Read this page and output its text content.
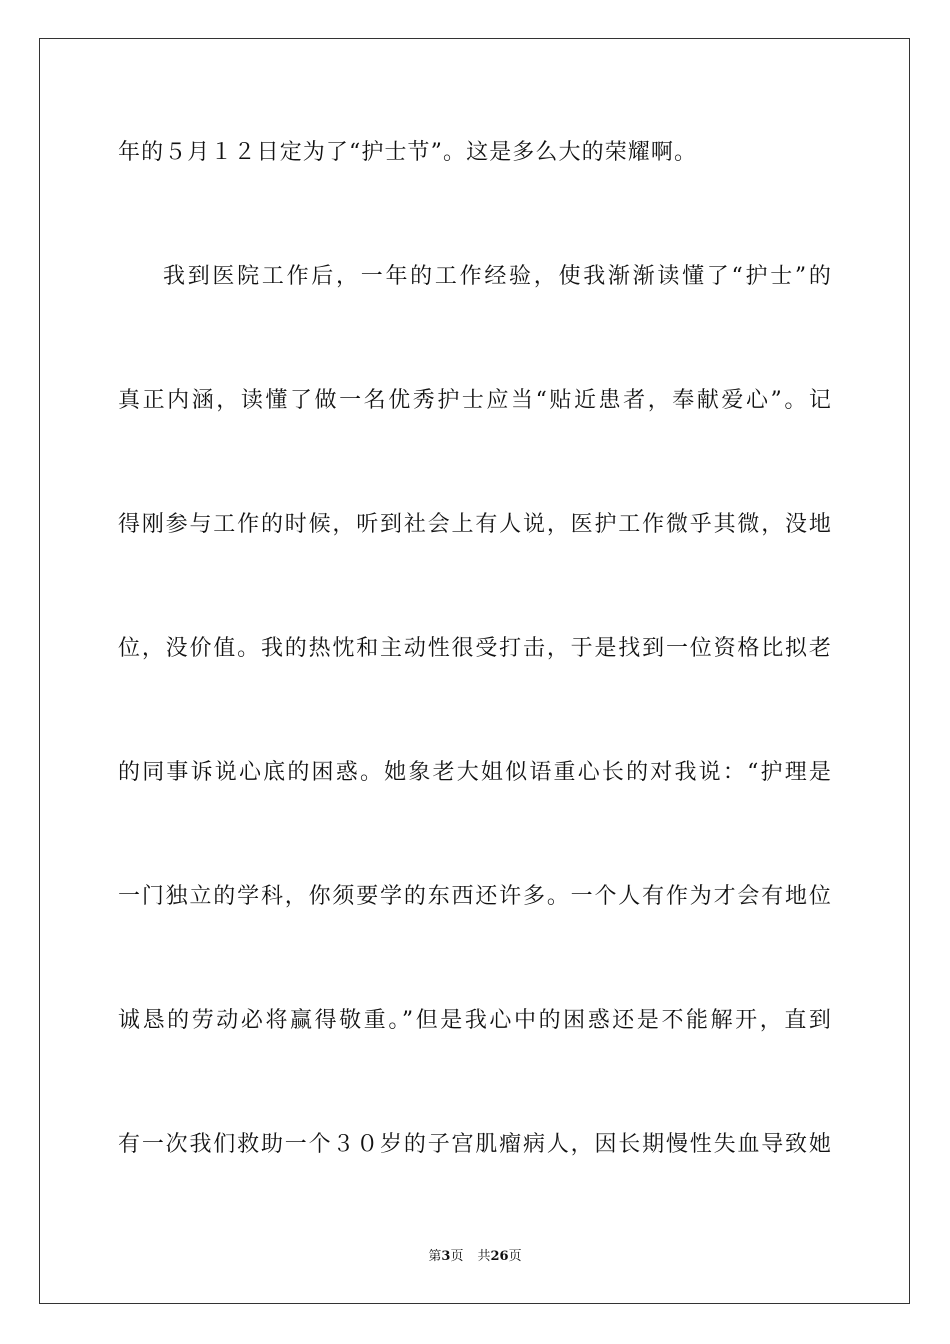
年的５月１２日定为了“护士节”。这是多么大的荣耀啊。
我到医院工作后，一年的工作经验，使我渐渐读懂了“护士”的
真正内涵，读懂了做一名优秀护士应当“贴近患者，奉献爱心”。记
得刚参与工作的时候，听到社会上有人说，医护工作微乎其微，没地
位，没价值。我的热忱和主动性很受打击，于是找到一位资格比拟老
的同事诉说心底的困惑。她象老大姐似语重心长的对我说：“护理是
一门独立的学科，你须要学的东西还许多。一个人有作为才会有地位
诚恳的劳动必将赢得敬重。”但是我心中的困惑还是不能解开，直到
有一次我们救助一个３０岁的子宫肌瘤病人，因长期慢性失血导致她
第3页 共26页
